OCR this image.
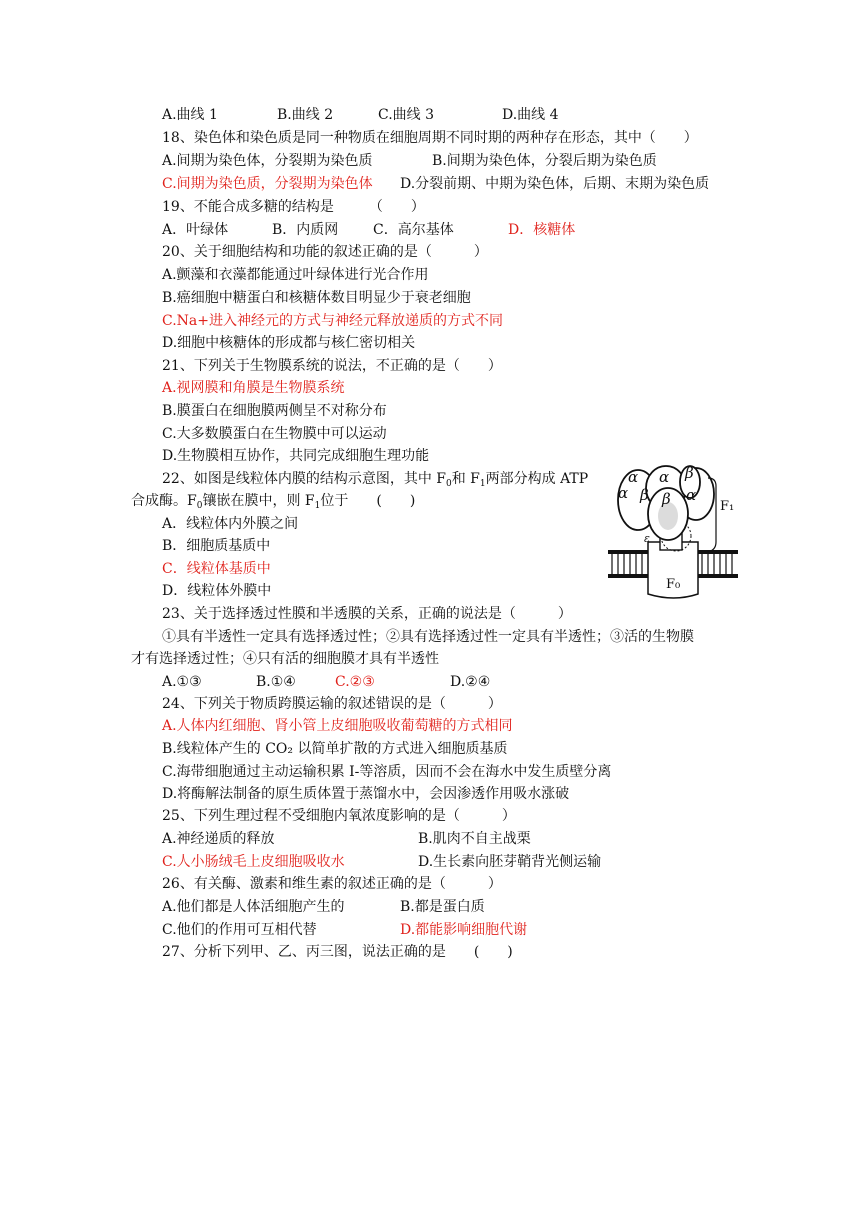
A.曲线 1	B.曲线 2	C.曲线 3	D.曲线 4
18、染色体和染色质是同一种物质在细胞周期不同时期的两种存在形态，其中（　　）
A.间期为染色体，分裂期为染色质	B.间期为染色体，分裂后期为染色质
C.间期为染色质，分裂期为染色体 D.分裂前期、中期为染色体，后期、末期为染色质
19、不能合成多糖的结构是　　　（　　）
A．叶绿体	B．内质网 C．高尔基体	D．核糖体
20、关于细胞结构和功能的叙述正确的是（　　　）
A.颤藻和衣藻都能通过叶绿体进行光合作用
B.癌细胞中糖蛋白和核糖体数目明显少于衰老细胞
C.Na+进入神经元的方式与神经元释放递质的方式不同
D.细胞中核糖体的形成都与核仁密切相关
21、下列关于生物膜系统的说法，不正确的是（　　）
A.视网膜和角膜是生物膜系统
B.膜蛋白在细胞膜两侧呈不对称分布
C.大多数膜蛋白在生物膜中可以运动
D.生物膜相互协作，共同完成细胞生理功能
22、如图是线粒体内膜的结构示意图，其中 $F_0$和 $F_1$两部分构成 ATP
合成酶。$F_0$镶嵌在膜中，则 $F_1$位于　　(　　)
A．线粒体内外膜之间
B．细胞质基质中
C．线粒体基质中
D．线粒体外膜中
α α β
β β
α	α
ε
F₁
F₀
23、关于选择透过性膜和半透膜的关系，正确的说法是（　　　）
①具有半透性一定具有选择透过性；②具有选择透过性一定具有半透性；③活的生物膜
才有选择透过性；④只有活的细胞膜才具有半透性
A.①③	B.①④	C.②③	D.②④
24、下列关于物质跨膜运输的叙述错误的是（　　　）
A.人体内红细胞、肾小管上皮细胞吸收葡萄糖的方式相同
B.线粒体产生的 CO₂ 以简单扩散的方式进入细胞质基质
C.海带细胞通过主动运输积累 I-等溶质，因而不会在海水中发生质壁分离
D.将酶解法制备的原生质体置于蒸馏水中，会因渗透作用吸水涨破
25、下列生理过程不受细胞内氧浓度影响的是（　　　）
A.神经递质的释放	B.肌肉不自主战栗
C.人小肠绒毛上皮细胞吸收水	D.生长素向胚芽鞘背光侧运输
26、有关酶、激素和维生素的叙述正确的是（　　　）
A.他们都是人体活细胞产生的	B.都是蛋白质
C.他们的作用可互相代替	D.都能影响细胞代谢
27、分析下列甲、乙、丙三图，说法正确的是　　(　　)
